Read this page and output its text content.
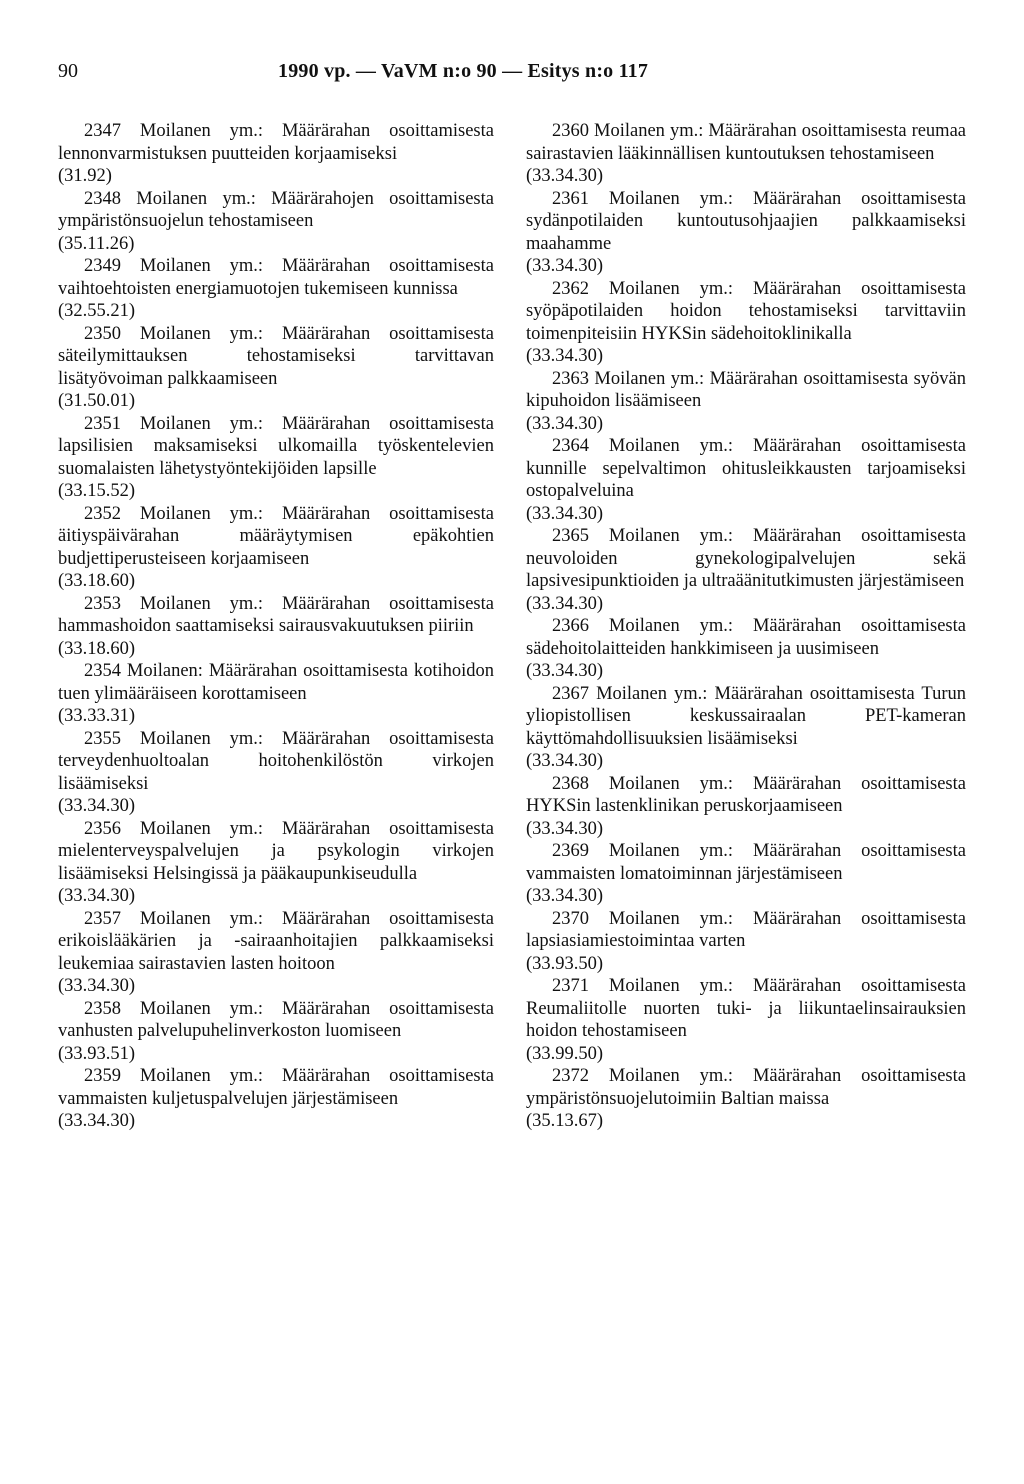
90	1990 vp. — VaVM n:o 90 — Esitys n:o 117

2347 Moilanen ym.: Määrärahan osoittamisesta lennonvarmistuksen puutteiden korjaamiseksi

(31.92)

2348 Moilanen ym.: Määrärahojen osoittamisesta ympäristönsuojelun tehostamiseen

(35.11.26)

2349 Moilanen ym.: Määrärahan osoittamisesta vaihtoehtoisten energiamuotojen tukemiseen kunnissa

(32.55.21)

2350 Moilanen ym.: Määrärahan osoittamisesta säteilymittauksen tehostamiseksi tarvittavan lisätyövoiman palkkaamiseen

(31.50.01)

2351 Moilanen ym.: Määrärahan osoittamisesta lapsilisien maksamiseksi ulkomailla työskentelevien suomalaisten lähetystyöntekijöiden lapsille

(33.15.52)

2352 Moilanen ym.: Määrärahan osoittamisesta äitiyspäivärahan määräytymisen epäkohtien budjettiperusteiseen korjaamiseen

(33.18.60)

2353 Moilanen ym.: Määrärahan osoittamisesta hammashoidon saattamiseksi sairausvakuutuksen piiriin

(33.18.60)

2354 Moilanen: Määrärahan osoittamisesta kotihoidon tuen ylimääräiseen korottamiseen

(33.33.31)

2355 Moilanen ym.: Määrärahan osoittamisesta terveydenhuoltoalan hoitohenkilöstön virkojen lisäämiseksi

(33.34.30)

2356 Moilanen ym.: Määrärahan osoittamisesta mielenterveyspalvelujen ja psykologin virkojen lisäämiseksi Helsingissä ja pääkaupunkiseudulla

(33.34.30)

2357 Moilanen ym.: Määrärahan osoittamisesta erikoislääkärien ja -sairaanhoitajien palkkaamiseksi leukemiaa sairastavien lasten hoitoon

(33.34.30)

2358 Moilanen ym.: Määrärahan osoittamisesta vanhusten palvelupuhelinverkoston luomiseen

(33.93.51)

2359 Moilanen ym.: Määrärahan osoittamisesta vammaisten kuljetuspalvelujen järjestämiseen

(33.34.30)

2360 Moilanen ym.: Määrärahan osoittamisesta reumaa sairastavien lääkinnällisen kuntoutuksen tehostamiseen

(33.34.30)

2361 Moilanen ym.: Määrärahan osoittamisesta sydänpotilaiden kuntoutusohjaajien palkkaamiseksi maahamme

(33.34.30)

2362 Moilanen ym.: Määrärahan osoittamisesta syöpäpotilaiden hoidon tehostamiseksi tarvittaviin toimenpiteisiin HYKSin sädehoitoklinikalla

(33.34.30)

2363 Moilanen ym.: Määrärahan osoittamisesta syövän kipuhoidon lisäämiseen

(33.34.30)

2364 Moilanen ym.: Määrärahan osoittamisesta kunnille sepelvaltimon ohitusleikkausten tarjoamiseksi ostopalveluina

(33.34.30)

2365 Moilanen ym.: Määrärahan osoittamisesta neuvoloiden gynekologipalvelujen sekä lapsivesipunktioiden ja ultraäänitutkimusten järjestämiseen

(33.34.30)

2366 Moilanen ym.: Määrärahan osoittamisesta sädehoitolaitteiden hankkimiseen ja uusimiseen

(33.34.30)

2367 Moilanen ym.: Määrärahan osoittamisesta Turun yliopistollisen keskussairaalan PET-kameran käyttömahdollisuuksien lisäämiseksi

(33.34.30)

2368 Moilanen ym.: Määrärahan osoittamisesta HYKSin lastenklinikan peruskorjaamiseen

(33.34.30)

2369 Moilanen ym.: Määrärahan osoittamisesta vammaisten lomatoiminnan järjestämiseen

(33.34.30)

2370 Moilanen ym.: Määrärahan osoittamisesta lapsiasiamiestoimintaa varten

(33.93.50)

2371 Moilanen ym.: Määrärahan osoittamisesta Reumaliitolle nuorten tuki- ja liikuntaelinsairauksien hoidon tehostamiseen

(33.99.50)

2372 Moilanen ym.: Määrärahan osoittamisesta ympäristönsuojelutoimiin Baltian maissa

(35.13.67)
